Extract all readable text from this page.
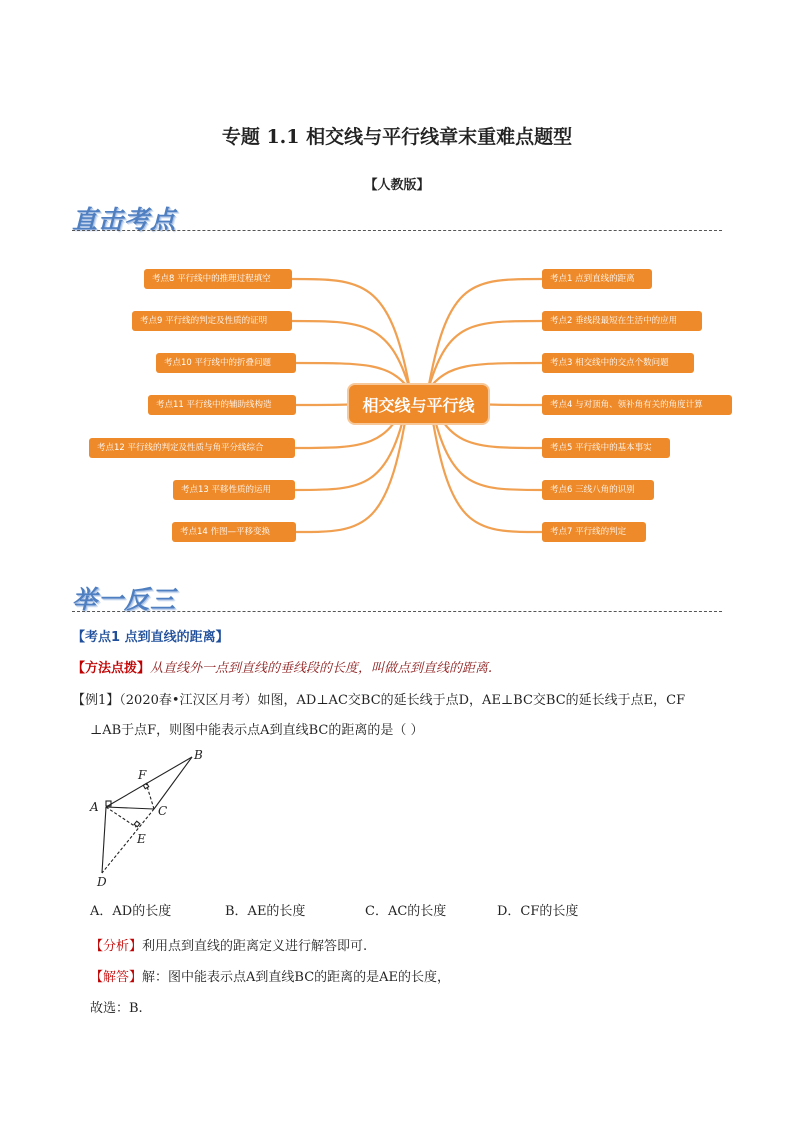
专题 1.1 相交线与平行线章末重难点题型
【人教版】
直击考点
考点8 平行线中的推理过程填空
考点9 平行线的判定及性质的证明
考点10 平行线中的折叠问题
考点11 平行线中的辅助线构造
考点12 平行线的判定及性质与角平分线综合
考点13 平移性质的运用
考点14 作图—平移变换
考点1 点到直线的距离
考点2 垂线段最短在生活中的应用
考点3 相交线中的交点个数问题
考点4 与对顶角、领补角有关的角度计算
考点5 平行线中的基本事实
考点6 三线八角的识别
考点7 平行线的判定
相交线与平行线
举一反三
【考点1 点到直线的距离】
【方法点拨】从直线外一点到直线的垂线段的长度，叫做点到直线的距离.
【例1】（2020春•江汉区月考）如图，AD⊥AC交BC的延长线于点D，AE⊥BC交BC的延长线于点E，CF
⊥AB于点F，则图中能表示点A到直线BC的距离的是（ ）
A
B
C
D
E
F
A．AD的长度	B．AE的长度	C．AC的长度	D．CF的长度
【分析】利用点到直线的距离定义进行解答即可.
【解答】解：图中能表示点A到直线BC的距离的是AE的长度，
故选：B.
